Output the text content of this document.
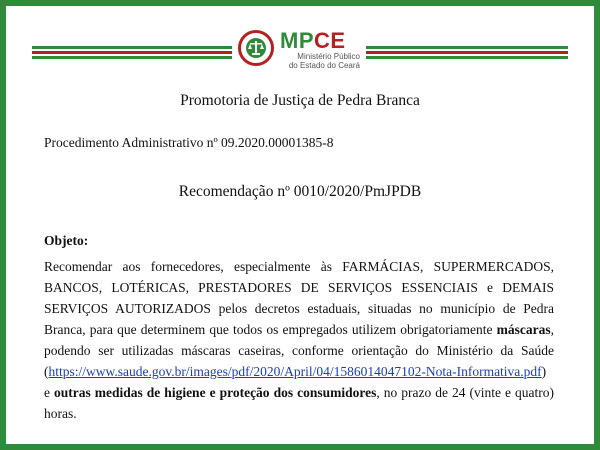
MPCE
Ministério Público
do Estado do Ceará
Promotoria de Justiça de Pedra Branca
Procedimento Administrativo nº 09.2020.00001385-8
Recomendação nº 0010/2020/PmJPDB
Objeto:
Recomendar aos fornecedores, especialmente às FARMÁCIAS, SUPERMERCADOS, BANCOS, LOTÉRICAS, PRESTADORES DE SERVIÇOS ESSENCIAIS e DEMAIS SERVIÇOS AUTORIZADOS pelos decretos estaduais, situadas no município de Pedra Branca, para que determinem que todos os empregados utilizem obrigatoriamente máscaras, podendo ser utilizadas máscaras caseiras, conforme orientação do Ministério da Saúde (https://www.saude.gov.br/images/pdf/2020/April/04/1586014047102-Nota-Informativa.pdf) e outras medidas de higiene e proteção dos consumidores, no prazo de 24 (vinte e quatro) horas.
